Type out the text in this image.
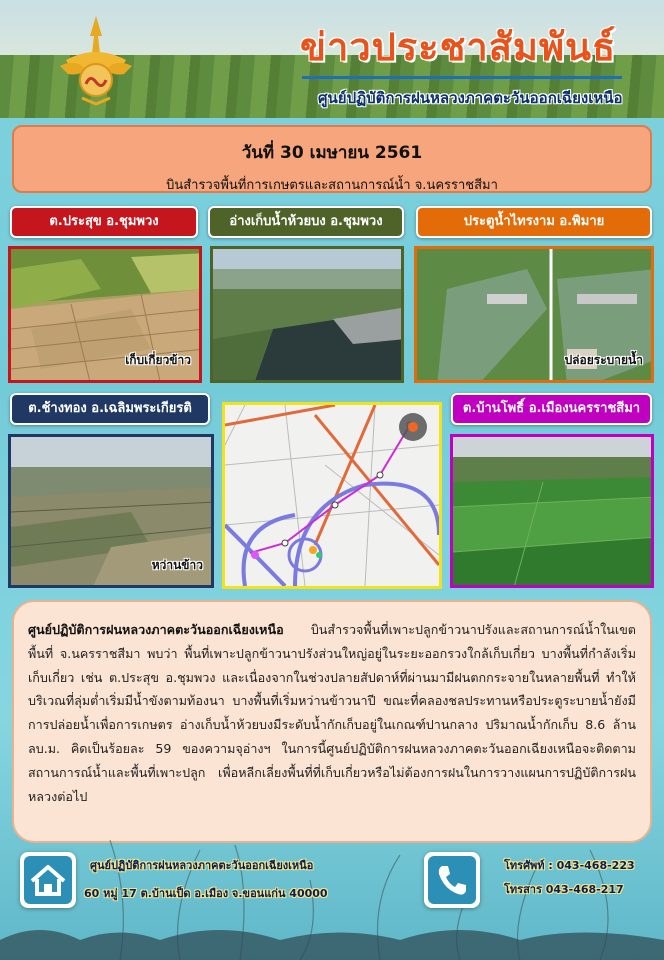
ข่าวประชาสัมพันธ์
ศูนย์ปฏิบัติการฝนหลวงภาคตะวันออกเฉียงเหนือ
วันที่ 30 เมษายน 2561
บินสำรวจพื้นที่การเกษตรและสถานการณ์น้ำ จ.นครราชสีมา
ต.ประสุข อ.ชุมพวง	อ่างเก็บน้ำห้วยบง อ.ชุมพวง	ประตูน้ำไทรงาม อ.พิมาย
เก็บเกี่ยวข้าว	ปล่อยระบายน้ำ
ต.ช้างทอง อ.เฉลิมพระเกียรติ	ต.บ้านโพธิ์ อ.เมืองนครราชสีมา
หว่านข้าว
ศูนย์ปฏิบัติการฝนหลวงภาคตะวันออกเฉียงเหนือ บินสำรวจพื้นที่เพาะปลูกข้าวนาปรังและสถานการณ์น้ำในเขตพื้นที่ จ.นครราชสีมา พบว่า พื้นที่เพาะปลูกข้าวนาปรังส่วนใหญ่อยู่ในระยะออกรวงใกล้เก็บเกี่ยว บางพื้นที่กำลังเริ่มเก็บเกี่ยว เช่น ต.ประสุข อ.ชุมพวง และเนื่องจากในช่วงปลายสัปดาห์ที่ผ่านมามีฝนตกกระจายในหลายพื้นที่ ทำให้บริเวณที่ลุ่มต่ำเริ่มมีน้ำขังตามท้องนา บางพื้นที่เริ่มหว่านข้าวนาปี ขณะที่คลองชลประทานหรือประตูระบายน้ำยังมีการปล่อยน้ำเพื่อการเกษตร อ่างเก็บน้ำห้วยบงมีระดับน้ำกักเก็บอยู่ในเกณฑ์ปานกลาง ปริมาณน้ำกักเก็บ 8.6 ล้าน ลบ.ม. คิดเป็นร้อยละ 59 ของความจุอ่างฯ ในการนี้ศูนย์ปฏิบัติการฝนหลวงภาคตะวันออกเฉียงเหนือจะติดตามสถานการณ์น้ำและพื้นที่เพาะปลูก เพื่อหลีกเลี่ยงพื้นที่ที่เก็บเกี่ยวหรือไม่ต้องการฝนในการวางแผนการปฏิบัติการฝนหลวงต่อไป
ศูนย์ปฏิบัติการฝนหลวงภาคตะวันออกเฉียงเหนือ
60 หมู่ 17 ต.บ้านเป็ด อ.เมือง จ.ขอนแก่น 40000
โทรศัพท์ : 043-468-223
โทรสาร 043-468-217
